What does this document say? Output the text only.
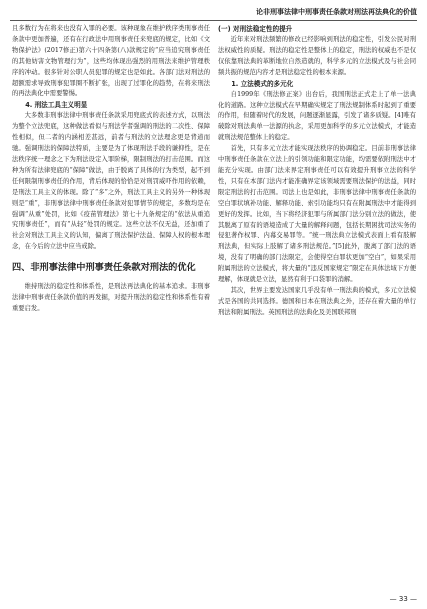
论非刑事法律中刑事责任条款对刑法再法典化的价值

且多数行为在将来也没有入罪的必要。该种现象在维护秩序类刑事责任条款中更加普遍，还有在行政法中用刑事责任来兜底的规定，比如《文物保护法》(2017修正)第六十四条第(八)款规定的“应当追究刑事责任的其他妨害文物管理行为”，这些均体现出强烈的用刑法来维护管理秩序的冲动。很多针对公职人员犯罪的规定也是如此。各部门法对刑法的超额需求导致刑事犯罪圈不断扩张，出现了过罪化的趋势，在将来刑法的再法典化中需要警惕。

4. 刑法工具主义明显

大多数非刑事法律中刑事责任条款采用兜底式的表述方式，以刑法为整个立法兜底，这种做法看似与刑法学者强调的刑法的二次性、保障性相似，但二者的内涵相差甚远，前者与刑法的立法理念更是背道而驰。强调刑法的保障法特质，主要是为了体现刑法手段的谦抑性，是在法秩序统一理念之下为刑法设定入罪阶梯，限制刑法的打击范围。而这种为所有法律兜底的“保障”做法，由于脱离了具体的行为类型，起不到任何限制刑事责任的作用，背后体现的恰恰是对刑罚威吓作用的依赖，是刑法工具主义的体现。除了“多”之外，刑法工具主义的另外一种体现则是“重”，非刑事法律中刑事责任条款对犯罪情节的规定，多数均是在强调“从重”处罚，比如《疫苗管理法》第七十九条规定的“依法从重追究刑事责任”，而有“从轻”处罚的规定。这些立法不仅无益，还加重了社会对刑法工具主义的认知，偏离了刑法保护法益、保障人权的根本理念，在今后的立法中应当戒除。

四、非刑事法律中刑事责任条款对刑法的优化

维持刑法的稳定性和体系性，是刑法再法典化的基本追求。非刑事法律中刑事责任条款价值的再发掘，对提升刑法的稳定性和体系性有着重要启发。

(一) 对刑法稳定性的提升

近年来对刑法频繁的修改已经影响到刑法的稳定性，引发公民对刑法权威性的质疑。刑法的稳定性是整体上的稳定，刑法的权威也不是仅仅依靠刑法典的革断地位自然造就的，科学多元的立法模式及与社会同频共振的规范内容才是刑法稳定性的根本来源。

1. 立法模式的多元化

自1999年《刑法修正案》出台后，我国刑法正式走上了单一法典化的道路。这种立法模式在早期确实规定了刑法规制体系时起到了重要的作用，但随着时代的发展，问题逐渐显露，引发了诸多质疑。[4]唯有破除对刑法典单一法源的执念，采用更加科学的多元立法模式，才能造就刑法规范整体上的稳定。

首先，只有多元立法才能实现法秩序的协调稳定。目前非刑事法律中刑事责任条款在立法上的引领功能和限定功能，均需要依附刑法中才能充分实现。由部门法来界定刑事责任可以有效提升刑事立法的科学性，只有在本部门法内才能准确界定该领域需要刑法保护的法益，同时限定刑法的打击范围。司法上也是如此，非刑事法律中刑事责任条款的空白罪状填补功能、解释功能、索引功能均只有在附属刑法中才能得到更好的发挥。比如，当下将经济犯罪与所属部门法分别立法的做法，使其脱离了原有的语境造成了大量的解释问题，包括长期困扰司法实务的侵犯著作权罪、内幕交易罪等。“统一刑法典立法模式表面上看有肢解刑法典，但实际上肢解了诸多刑法规范。”[5]此外，脱离了部门法的语境，没有了明确的部门法限定，会使得空白罪状更加“空白”，如果采用附属刑法的立法模式，将大量的“违反国家规定”限定在具体法域下方便理解，体现就是立法，显然有利于口袋罪的消解。

其次，世界主要发达国家几乎没有单一刑法典的模式，多元立法模式是各国的共同选择。德国和日本在刑法典之外，还存在着大量的单行刑法和附属刑法。英国刑法的法典化及美国联邦刑

— 33 —
